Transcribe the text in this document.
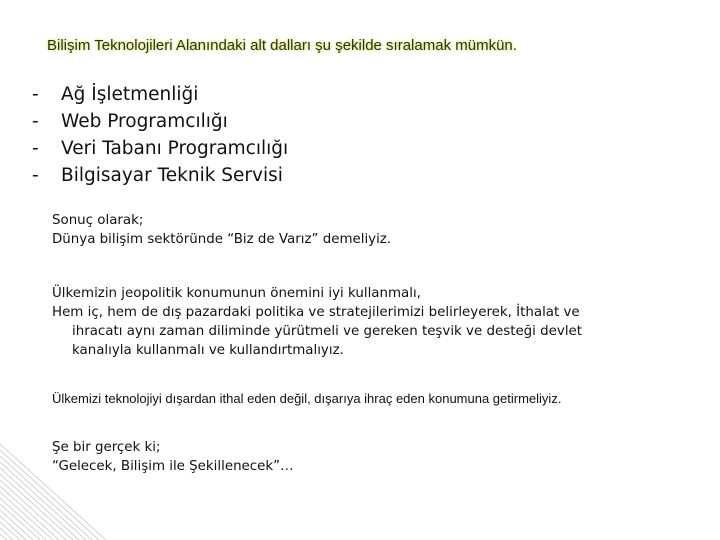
Bilişim Teknolojileri Alanındaki alt dalları şu şekilde sıralamak mümkün.
- Ağ İşletmenliği
- Web Programcılığı
- Veri Tabanı Programcılığı
- Bilgisayar Teknik Servisi
Sonuç olarak;
Dünya bilişim sektöründe “Biz de Varız” demeliyiz.
Ülkemizin jeopolitik konumunun önemini iyi kullanmalı,
Hem iç, hem de dış pazardaki politika ve stratejilerimizi belirleyerek, İthalat ve
ihracatı aynı zaman diliminde yürütmeli ve gereken teşvik ve desteği devlet
kanalıyla kullanmalı ve kullandırtmalıyız.
Ülkemizi teknolojiyi dışardan ithal eden değil, dışarıya ihraç eden konumuna getirmeliyiz.
Şe bir gerçek ki;
“Gelecek, Bilişim ile Şekillenecek”…
